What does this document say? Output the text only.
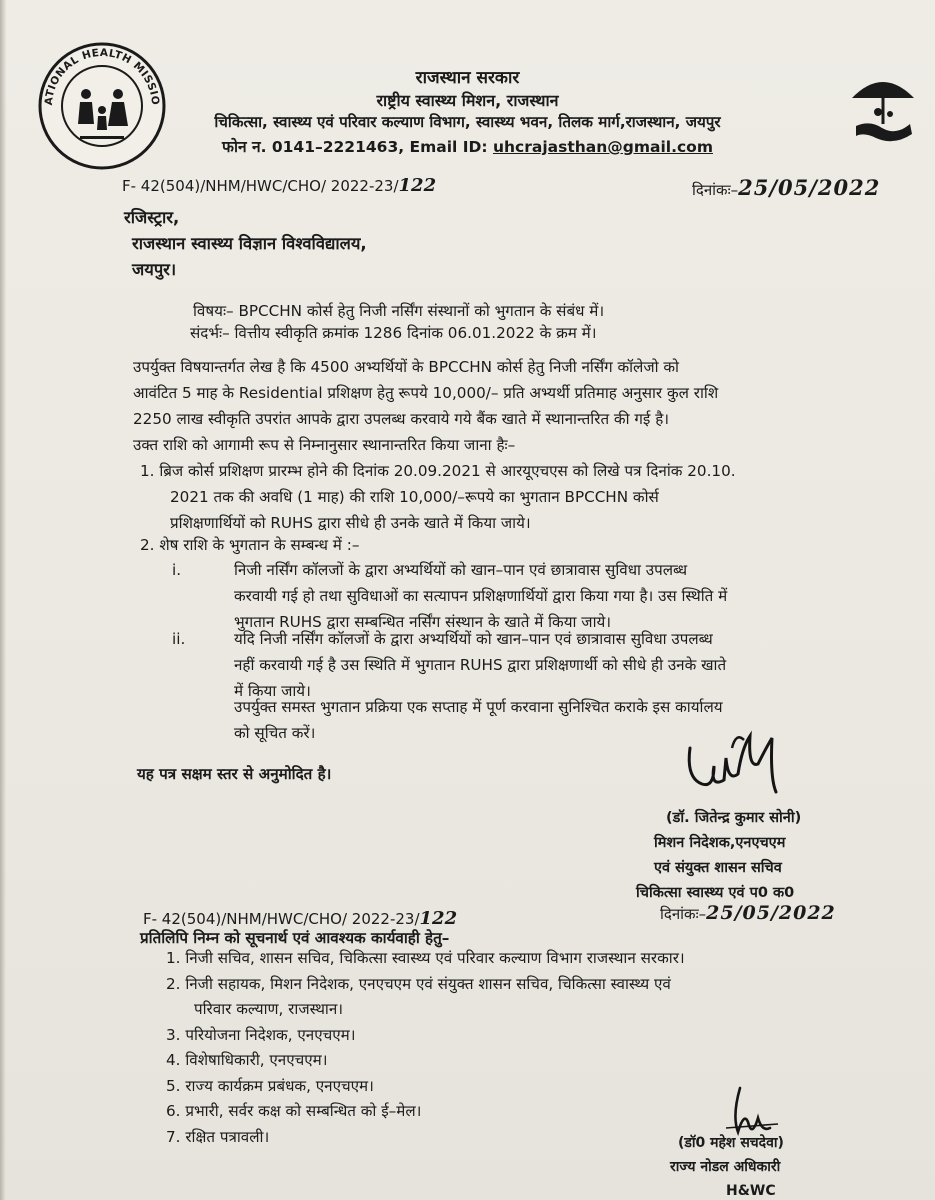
ATIONAL HEALTH MISSIO
राजस्थान सरकार
राष्ट्रीय स्वास्थ्य मिशन, राजस्थान
चिकित्सा, स्वास्थ्य एवं परिवार कल्याण विभाग, स्वास्थ्य भवन, तिलक मार्ग,राजस्थान, जयपुर
फोन न. 0141–2221463, Email ID: uhcrajasthan@gmail.com
F- 42(504)/NHM/HWC/CHO/ 2022-23/122	दिनांकः–25/05/2022
रजिस्ट्रार,
राजस्थान स्वास्थ्य विज्ञान विश्वविद्यालय,
जयपुर।
विषयः– BPCCHN कोर्स हेतु निजी नर्सिंग संस्थानों को भुगतान के संबंध में।
संदर्भः– वित्तीय स्वीकृति क्रमांक 1286 दिनांक 06.01.2022 के क्रम में।
उपर्युक्त विषयान्तर्गत लेख है कि 4500 अभ्यर्थियों के BPCCHN कोर्स हेतु निजी नर्सिंग कॉलेजो को
आवंटित 5 माह के Residential प्रशिक्षण हेतु रूपये 10,000/– प्रति अभ्यर्थी प्रतिमाह अनुसार कुल राशि
2250 लाख स्वीकृति उपरांत आपके द्वारा उपलब्ध करवाये गये बैंक खाते में स्थानान्तरित की गई है।
उक्त राशि को आगामी रूप से निम्नानुसार स्थानान्तरित किया जाना हैः–
1. ब्रिज कोर्स प्रशिक्षण प्रारम्भ होने की दिनांक 20.09.2021 से आरयूएचएस को लिखे पत्र दिनांक 20.10.
2021 तक की अवधि (1 माह) की राशि 10,000/–रूपये का भुगतान BPCCHN कोर्स
प्रशिक्षणार्थियों को RUHS द्वारा सीधे ही उनके खाते में किया जाये।
2. शेष राशि के भुगतान के सम्बन्ध में :–
i.	निजी नर्सिंग कॉलजों के द्वारा अभ्यर्थियों को खान–पान एवं छात्रावास सुविधा उपलब्ध
करवायी गई हो तथा सुविधाओं का सत्यापन प्रशिक्षणार्थियों द्वारा किया गया है। उस स्थिति में
भुगतान RUHS द्वारा सम्बन्धित नर्सिंग संस्थान के खाते में किया जाये।
ii.	यदि निजी नर्सिंग कॉलजों के द्वारा अभ्यर्थियों को खान–पान एवं छात्रावास सुविधा उपलब्ध
नहीं करवायी गई है उस स्थिति में भुगतान RUHS द्वारा प्रशिक्षणार्थी को सीधे ही उनके खाते
में किया जाये।
उपर्युक्त समस्त भुगतान प्रक्रिया एक सप्ताह में पूर्ण करवाना सुनिश्चित कराके इस कार्यालय
को सूचित करें।
यह पत्र सक्षम स्तर से अनुमोदित है।
(डॉ. जितेन्द्र कुमार सोनी)
मिशन निदेशक,एनएचएम
एवं संयुक्त शासन सचिव
चिकित्सा स्वास्थ्य एवं प0 क0
F- 42(504)/NHM/HWC/CHO/ 2022-23/122	दिनांकः–25/05/2022
प्रतिलिपि निम्न को सूचनार्थ एवं आवश्यक कार्यवाही हेतु–
1. निजी सचिव, शासन सचिव, चिकित्सा स्वास्थ्य एवं परिवार कल्याण विभाग राजस्थान सरकार।
2. निजी सहायक, मिशन निदेशक, एनएचएम एवं संयुक्त शासन सचिव, चिकित्सा स्वास्थ्य एवं
परिवार कल्याण, राजस्थान।
3. परियोजना निदेशक, एनएचएम।
4. विशेषाधिकारी, एनएचएम।
5. राज्य कार्यक्रम प्रबंधक, एनएचएम।
6. प्रभारी, सर्वर कक्ष को सम्बन्धित को ई–मेल।
7. रक्षित पत्रावली।	(डॉ0 महेश सचदेवा)
राज्य नोडल अधिकारी
H&WC
